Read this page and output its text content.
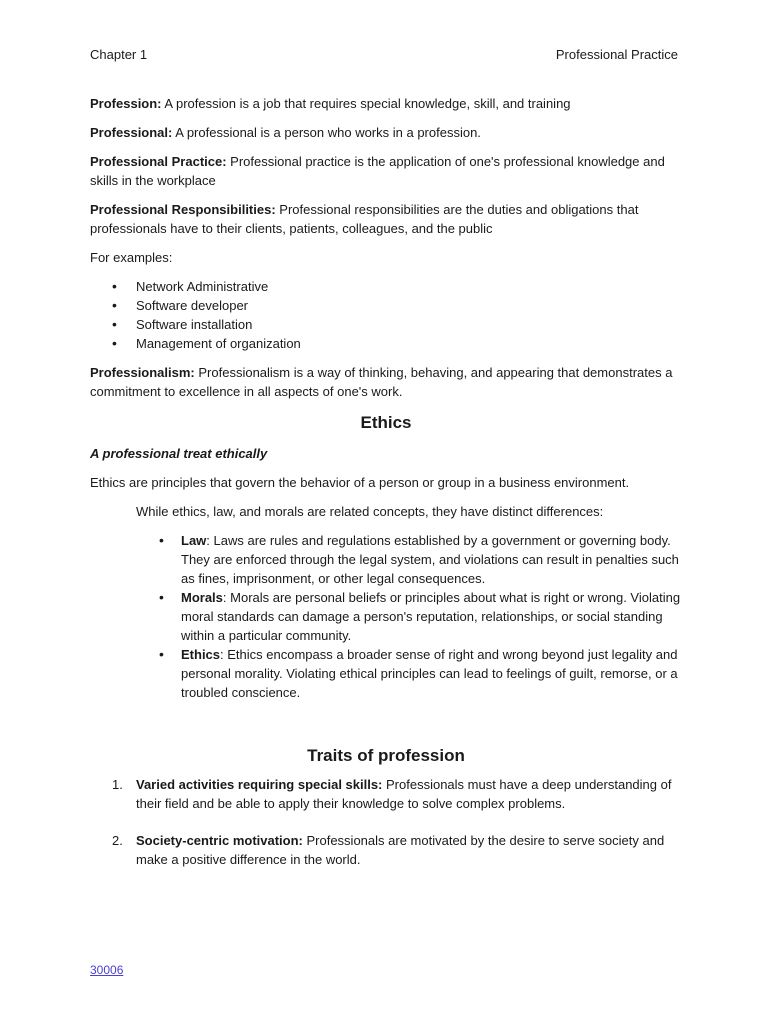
Chapter 1	Professional Practice

Profession: A profession is a job that requires special knowledge, skill, and training

Professional: A professional is a person who works in a profession.

Professional Practice: Professional practice is the application of one's professional knowledge and skills in the workplace

Professional Responsibilities: Professional responsibilities are the duties and obligations that professionals have to their clients, patients, colleagues, and the public

For examples:

• Network Administrative
• Software developer
• Software installation
• Management of organization

Professionalism: Professionalism is a way of thinking, behaving, and appearing that demonstrates a commitment to excellence in all aspects of one's work.

Ethics

A professional treat ethically

Ethics are principles that govern the behavior of a person or group in a business environment.

While ethics, law, and morals are related concepts, they have distinct differences:

• Law: Laws are rules and regulations established by a government or governing body. They are enforced through the legal system, and violations can result in penalties such as fines, imprisonment, or other legal consequences.
• Morals: Morals are personal beliefs or principles about what is right or wrong. Violating moral standards can damage a person's reputation, relationships, or social standing within a particular community.
• Ethics: Ethics encompass a broader sense of right and wrong beyond just legality and personal morality. Violating ethical principles can lead to feelings of guilt, remorse, or a troubled conscience.
Traits of profession
1. Varied activities requiring special skills: Professionals must have a deep understanding of their field and be able to apply their knowledge to solve complex problems.
2. Society-centric motivation: Professionals are motivated by the desire to serve society and make a positive difference in the world.
30006
